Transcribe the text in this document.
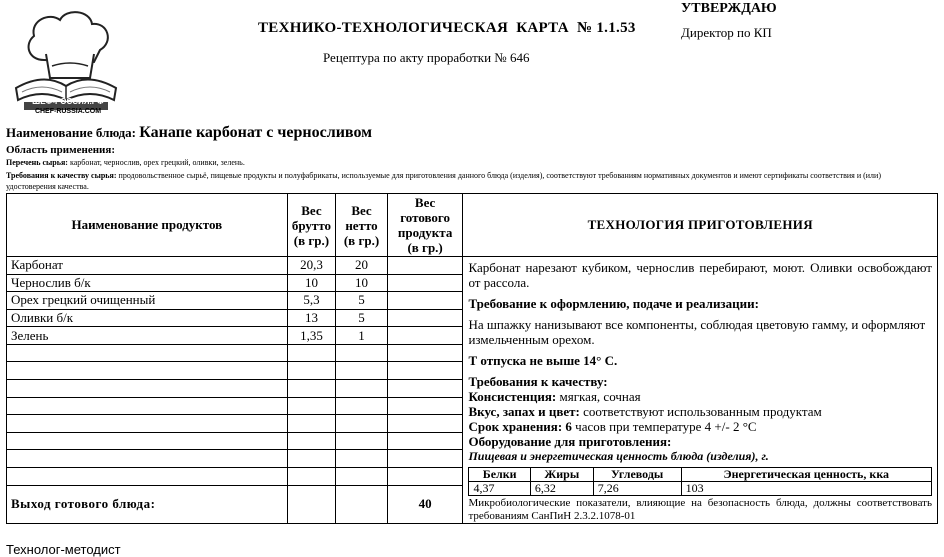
ШЕФ-РОССИЯ.РФ
CHEF-RUSSIA.COM
ТЕХНИКО-ТЕХНОЛОГИЧЕСКАЯ  КАРТА  № 1.1.53
Рецептура по акту проработки № 646
УТВЕРЖДАЮ
Директор по КП
Наименование блюда: Канапе карбонат с черносливом
Область применения:
Перечень сырья: карбонат, чернослив, орех грецкий, оливки, зелень.
Требования к качеству сырья: продовольственное сырьё, пищевые продукты и полуфабрикаты, используемые для приготовления данного блюда (изделия), соответствуют требованиям нормативных документов и имеют сертификаты соответствия и (или) удостоверения качества.
Наименование продуктов	Вес брутто (в гр.)	Вес нетто (в гр.)	Вес готового продукта (в гр.)	ТЕХНОЛОГИЯ ПРИГОТОВЛЕНИЯ
Карбонат	20,3	20		Карбонат нарезают кубиком, чернослив перебирают, моют. Оливки освобождают от рассола.

Требование к оформлению, подаче и реализации:

На шпажку нанизывают все компоненты, соблюдая цветовую гамму, и оформляют измельченным орехом.

Т отпуска не выше 14° С.

Требования к качеству:

Консистенция: мягкая, сочная

Вкус, запах и цвет: соответствуют использованным продуктам

Срок хранения: 6 часов при температуре 4 +/- 2 °С

Оборудование для приготовления:

Пищевая и энергетическая ценность блюда (изделия), г.

Белки	Жиры	Углеводы	Энергетическая ценность, кка
4,37	6,32	7,26	103

Микробиологические показатели, влияющие на безопасность блюда, должны соответствовать требованиям СанПиН 2.3.2.1078-01

Чернослив б/к	10	10	
Орех грецкий очищенный	5,3	5	
Оливки б/к	13	5	
Зелень	1,35	1	

Выход готового блюда:			40
Технолог-методист
